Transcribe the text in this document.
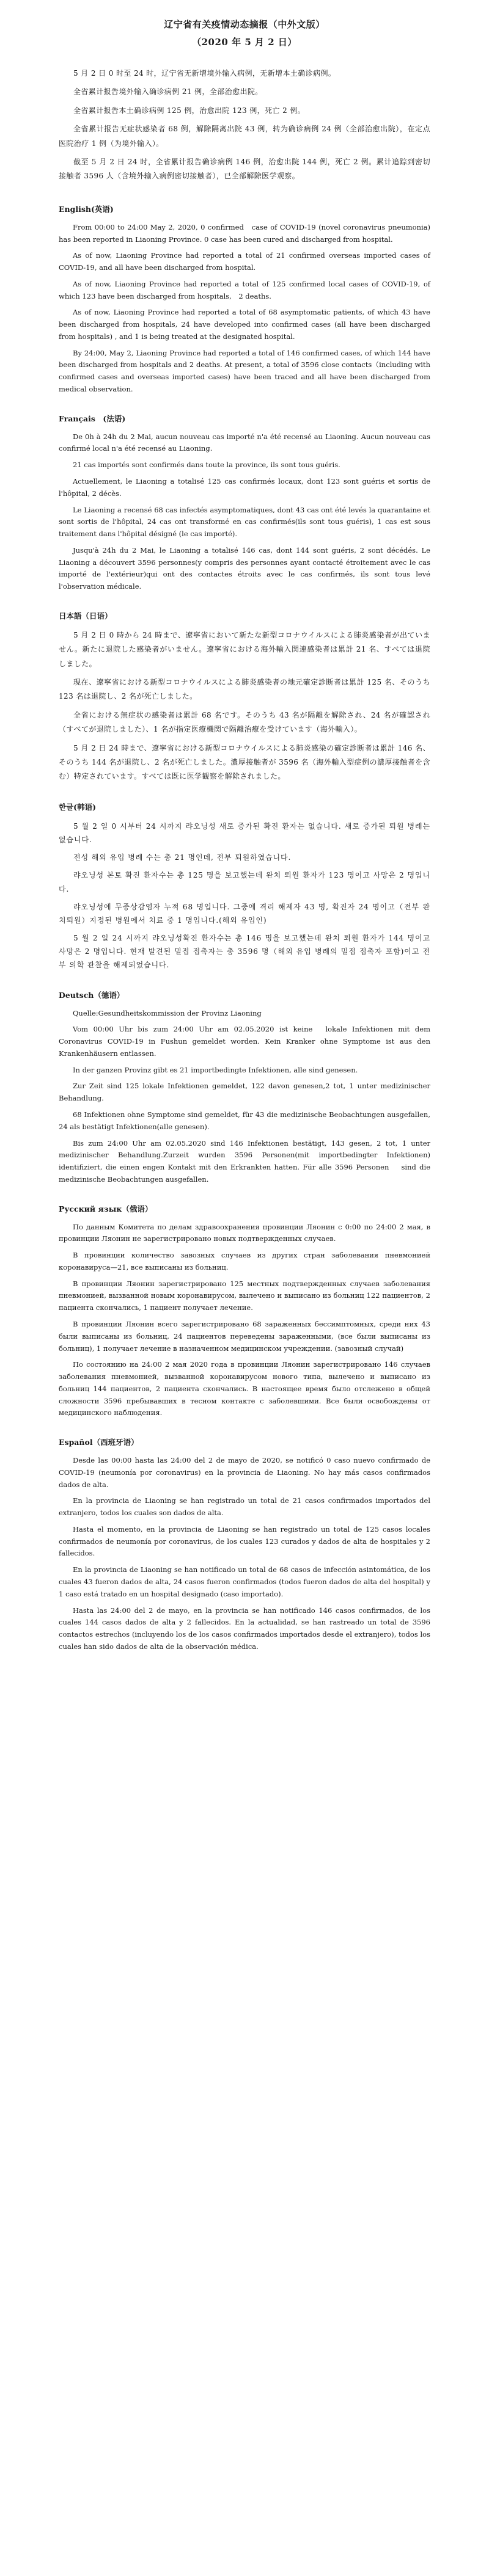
辽宁省有关疫情动态摘报（中外文版）

（2020 年 5 月 2 日）

5 月 2 日 0 时至 24 时，辽宁省无新增境外输入病例，无新增本土确诊病例。

全省累计报告境外输入确诊病例 21 例，全部治愈出院。

全省累计报告本土确诊病例 125 例，治愈出院 123 例，死亡 2 例。

全省累计报告无症状感染者 68 例，解除隔离出院 43 例，转为确诊病例 24 例（全部治愈出院），在定点医院治疗 1 例（为境外输入）。

截至 5 月 2 日 24 时，全省累计报告确诊病例 146 例，治愈出院 144 例，死亡 2 例。累计追踪到密切接触者 3596 人（含境外输入病例密切接触者），已全部解除医学观察。

English(英语)

From 00:00 to 24:00 May 2, 2020, 0 confirmed　case of COVID-19 (novel coronavirus pneumonia) has been reported in Liaoning Province. 0 case has been cured and discharged from hospital.

As of now, Liaoning Province had reported a total of 21 confirmed overseas imported cases of COVID-19, and all have been discharged from hospital.

As of now, Liaoning Province had reported a total of 125 confirmed local cases of COVID-19, of which 123 have been discharged from hospitals,　2 deaths.

As of now, Liaoning Province had reported a total of 68 asymptomatic patients, of which 43 have been discharged from hospitals, 24 have developed into confirmed cases (all have been discharged from hospitals) , and 1 is being treated at the designated hospital.

By 24:00, May 2, Liaoning Province had reported a total of 146 confirmed cases, of which 144 have been discharged from hospitals and 2 deaths. At present, a total of 3596 close contacts（including with confirmed cases and overseas imported cases) have been traced and all have been discharged from medical observation.

Français　(法语)

De 0h à 24h du 2 Mai, aucun nouveau cas importé n'a été recensé au Liaoning. Aucun nouveau cas confirmé local n'a été recensé au Liaoning.

21 cas importés sont confirmés dans toute la province, ils sont tous guéris.

Actuellement, le Liaoning a totalisé 125 cas confirmés locaux, dont 123 sont guéris et sortis de l'hôpital, 2 décès.

Le Liaoning a recensé 68 cas infectés asymptomatiques, dont 43 cas ont été levés la quarantaine et sont sortis de l'hôpital, 24 cas ont transformé en cas confirmés(ils sont tous guéris), 1 cas est sous traitement dans l'hôpital désigné (le cas importé).

Jusqu'à 24h du 2 Mai, le Liaoning a totalisé 146 cas, dont 144 sont guéris, 2 sont décédés. Le Liaoning a découvert 3596 personnes(y compris des personnes ayant contacté étroitement avec le cas importé de l'extérieur)qui ont des contactes étroits avec le cas confirmés, ils sont tous levé l'observation médicale.

日本語（日语）

5 月 2 日 0 時から 24 時まで、遼寧省において新たな新型コロナウイルスによる肺炎感染者が出ていません。新たに退院した感染者がいません。遼寧省における海外輸入関連感染者は累計 21 名、すべては退院しました。

現在、遼寧省における新型コロナウイルスによる肺炎感染者の地元確定診断者は累計 125 名、そのうち 123 名は退院し、2 名が死亡しました。

全省における無症状の感染者は累計 68 名です。そのうち 43 名が隔離を解除され、24 名が確認され（すべてが退院しました）、1 名が指定医療機関で隔離治療を受けています（海外輸入）。

5 月 2 日 24 時まで、遼寧省における新型コロナウイルスによる肺炎感染の確定診断者は累計 146 名、そのうち 144 名が退院し、2 名が死亡しました。濃厚接触者が 3596 名（海外輸入型症例の濃厚接触者を含む）特定されています。すべては既に医学観察を解除されました。

한글(韩语)

5 월 2 일 0 시부터 24 시까지 랴오닝성 새로 증가된 확진 환자는 없습니다. 새로 증가된 퇴원 병례는 없습니다.

전성 해외 유입 병례 수는 총 21 명인데, 전부 퇴원하였습니다.

랴오닝성 본토 확진 환자수는 총 125 명을 보고했는데 완치 퇴원 환자가 123 명이고 사망은 2 명입니다.

랴오닝성에 무증상감염자 누적 68 명입니다. 그중에 격리 해제자 43 명, 확진자 24 명이고（전부 완치퇴원）지정된 병원에서 치료 중 1 명입니다.(해외 유입인)

5 월 2 일 24 시까지 랴오닝성확진 환자수는 총 146 명을 보고했는데 완치 퇴원 환자가 144 명이고 사망은 2 명입니다. 현재 발견된 밀접 접촉자는 총 3596 명（해외 유입 병례의 밀접 접촉자 포함)이고 전부 의학 관찰을 해제되었습니다.

Deutsch（德语）

Quelle:Gesundheitskommission der Provinz Liaoning

Vom 00:00 Uhr bis zum 24:00 Uhr am 02.05.2020 ist keine　lokale Infektionen mit dem Coronavirus COVID-19 in Fushun gemeldet worden. Kein Kranker ohne Symptome ist aus den Krankenhäusern entlassen.

In der ganzen Provinz gibt es 21 importbedingte Infektionen, alle sind genesen.

Zur Zeit sind 125 lokale Infektionen gemeldet, 122 davon genesen,2 tot, 1 unter medizinischer Behandlung.

68 Infektionen ohne Symptome sind gemeldet, für 43 die medizinische Beobachtungen ausgefallen, 24 als bestätigt Infektionen(alle genesen).

Bis zum 24:00 Uhr am 02.05.2020 sind 146 Infektionen bestätigt, 143 gesen, 2 tot, 1 unter medizinischer Behandlung.Zurzeit wurden 3596 Personen(mit importbedingter Infektionen) identifiziert, die einen engen Kontakt mit den Erkrankten hatten. Für alle 3596 Personen　 sind die medizinische Beobachtungen ausgefallen.

Русский язык（俄语）

По данным Комитета по делам здравоохранения провинции Ляонин с 0:00 по 24:00 2 мая, в провинции Ляонин не зарегистрировано новых подтвержденных случаев.

В провинции количество завозных случаев из других стран заболевания пневмонией коронавируса—21, все выписаны из больниц.

В провинции Ляонин зарегистрировано 125 местных подтвержденных случаев заболевания пневмонией, вызванной новым коронавирусом, вылечено и выписано из больниц 122 пациентов, 2 пациента скончались, 1 пациент получает лечение.

В провинции Ляонин всего зарегистрировано 68 зараженных бессимптомных, среди них 43 были выписаны из больниц, 24 пациентов переведены зараженными, (все были выписаны из больниц), 1 получает лечение в назначенном медицинском учреждении. (завозный случай)

По состоянию на 24:00 2 мая 2020 года в провинции Ляонин зарегистрировано 146 случаев заболевания пневмонией, вызванной коронавирусом нового типа, вылечено и выписано из больниц 144 пациентов, 2 пациента скончались. В настоящее время было отслежено в общей сложности 3596 пребывавших в тесном контакте с заболевшими. Все были освобождены от медицинского наблюдения.

Español（西班牙语）

Desde las 00:00 hasta las 24:00 del 2 de mayo de 2020, se notificó 0 caso nuevo confirmado de COVID-19 (neumonía por coronavirus) en la provincia de Liaoning. No hay más casos confirmados dados de alta.

En la provincia de Liaoning se han registrado un total de 21 casos confirmados importados del extranjero, todos los cuales son dados de alta.

Hasta el momento, en la provincia de Liaoning se han registrado un total de 125 casos locales confirmados de neumonía por coronavirus, de los cuales 123 curados y dados de alta de hospitales y 2 fallecidos.

En la provincia de Liaoning se han notificado un total de 68 casos de infección asintomática, de los cuales 43 fueron dados de alta, 24 casos fueron confirmados (todos fueron dados de alta del hospital) y 1 caso está tratado en un hospital designado (caso importado).

Hasta las 24:00 del 2 de mayo, en la provincia se han notificado 146 casos confirmados, de los cuales 144 casos dados de alta y 2 fallecidos. En la actualidad, se han rastreado un total de 3596 contactos estrechos (incluyendo los de los casos confirmados importados desde el extranjero), todos los cuales han sido dados de alta de la observación médica.
